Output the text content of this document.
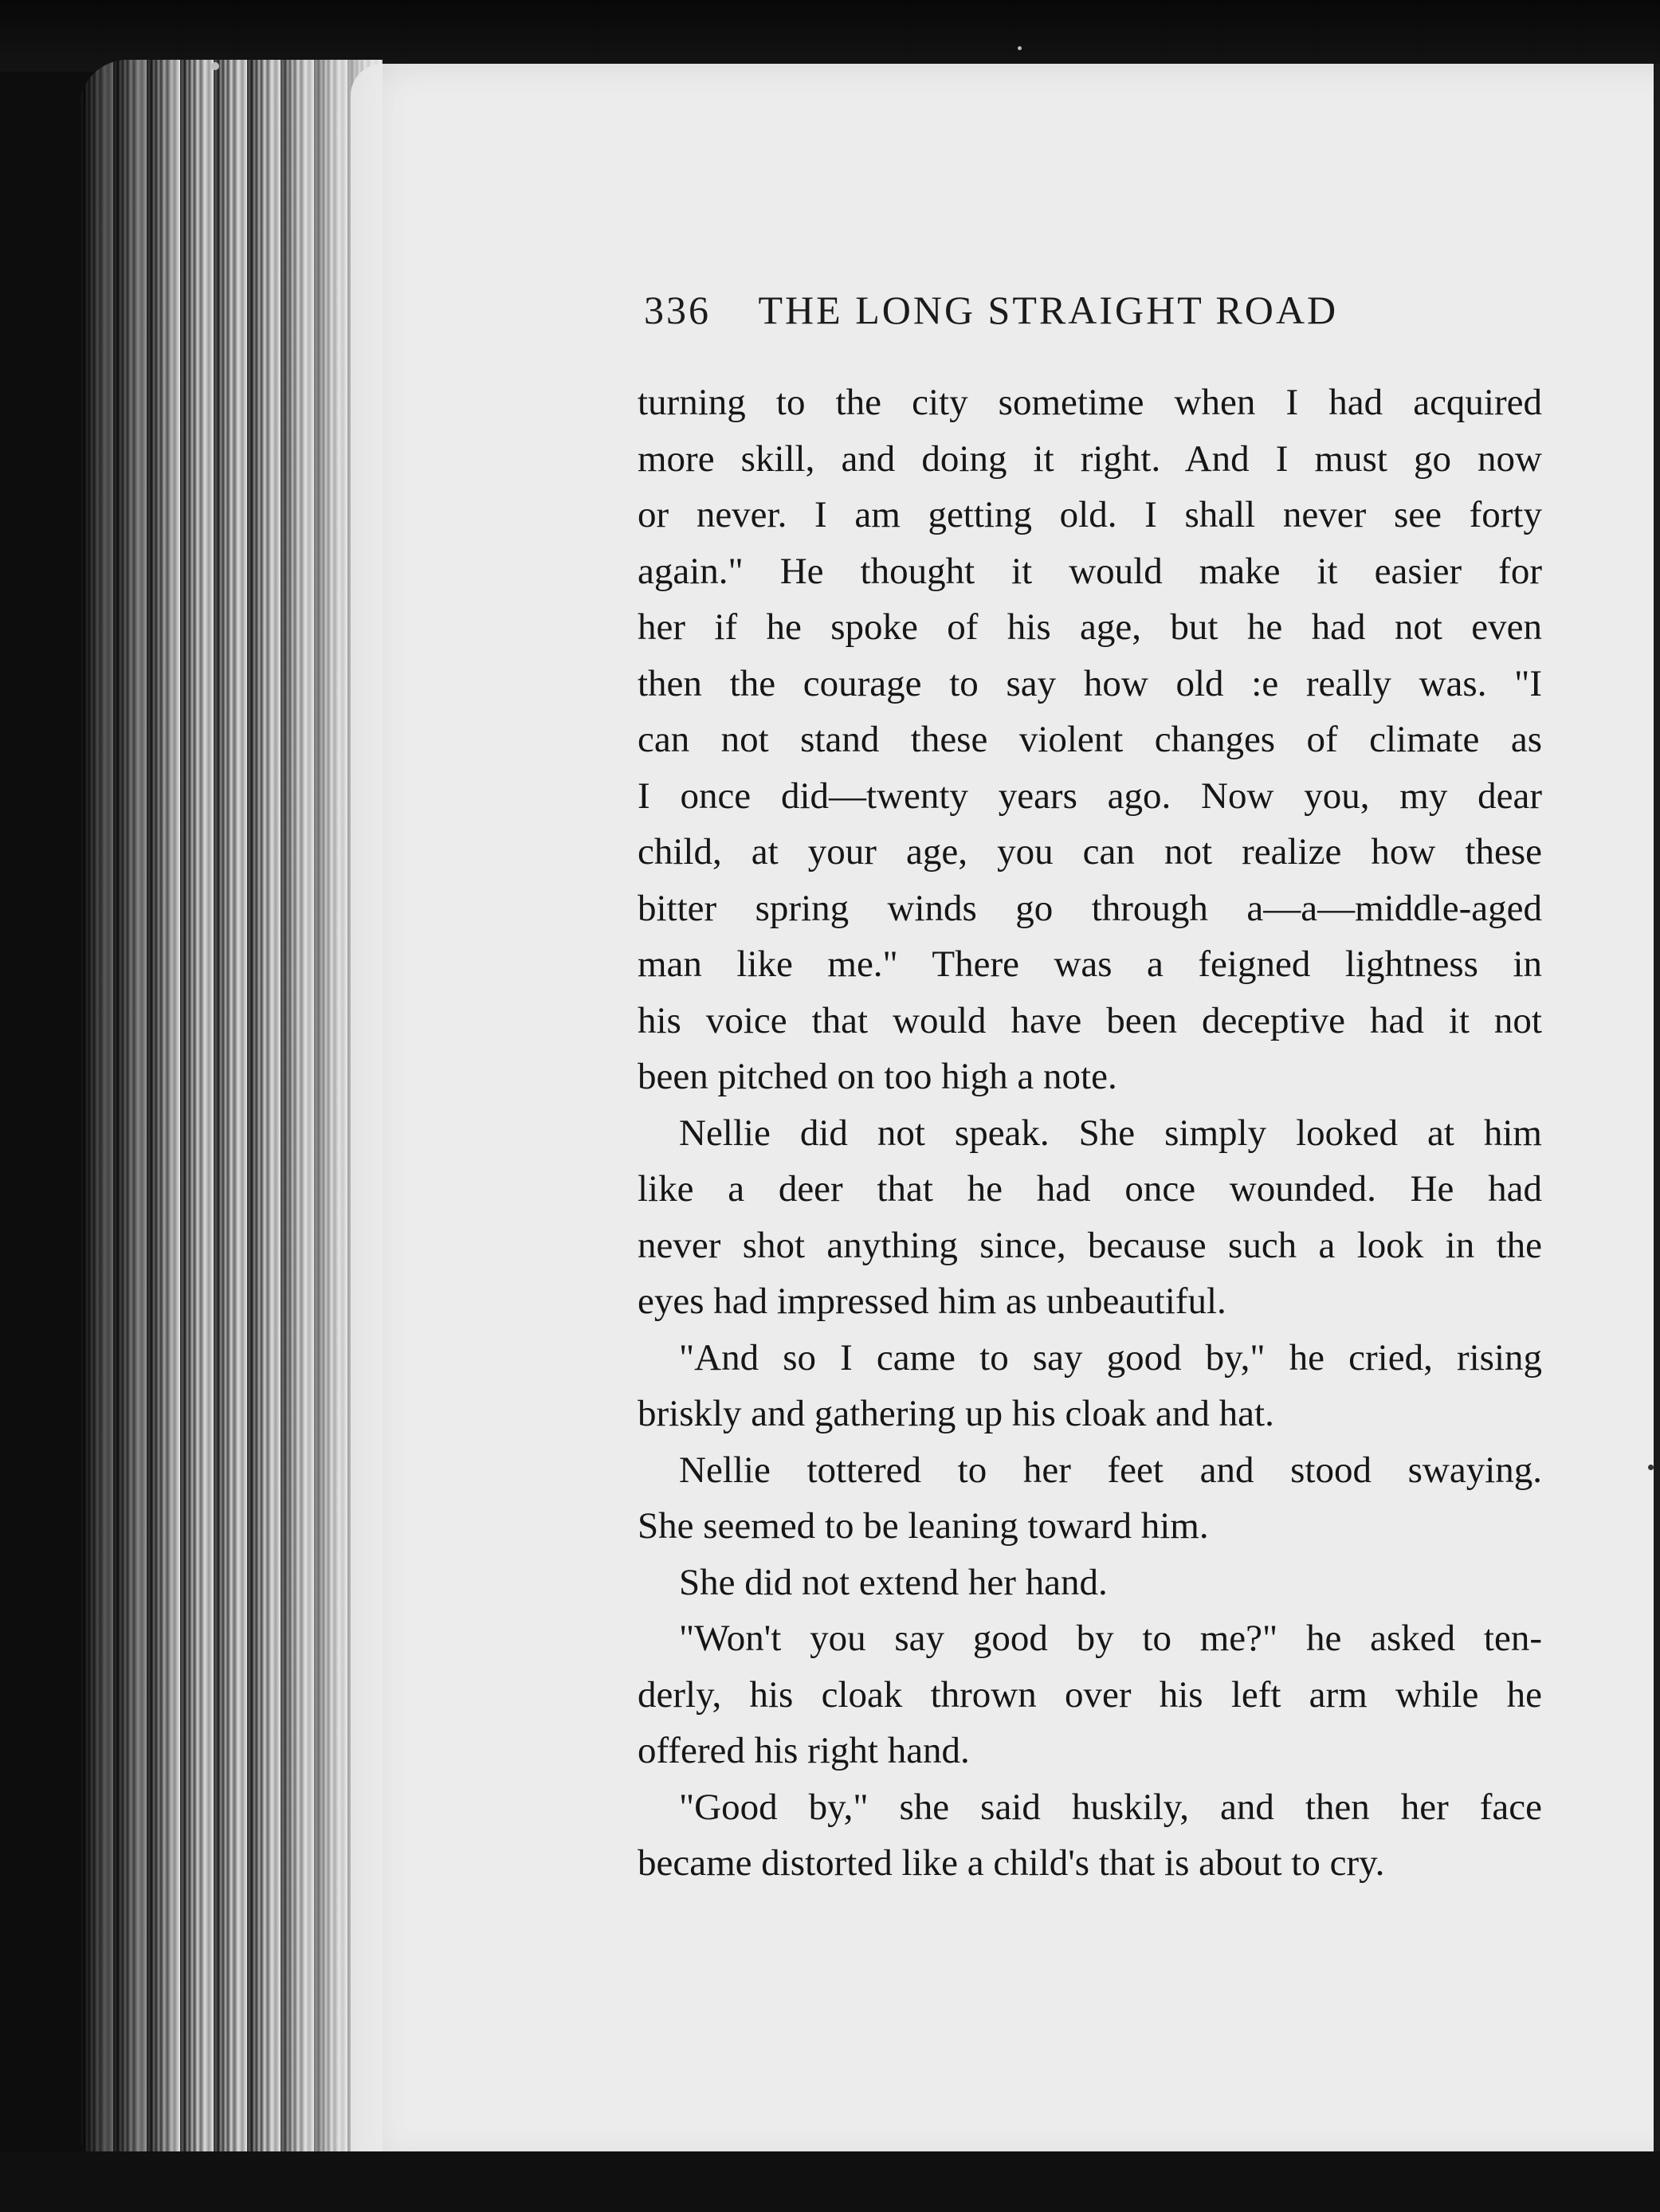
336 THE LONG STRAIGHT ROAD
turning to the city sometime when I had acquired
more skill, and doing it right. And I must go now
or never. I am getting old. I shall never see forty
again." He thought it would make it easier for
her if he spoke of his age, but he had not even
then the courage to say how old :e really was. "I
can not stand these violent changes of climate as
I once did—twenty years ago. Now you, my dear
child, at your age, you can not realize how these
bitter spring winds go through a—a—middle-aged
man like me." There was a feigned lightness in
his voice that would have been deceptive had it not
been pitched on too high a note.
Nellie did not speak. She simply looked at him
like a deer that he had once wounded. He had
never shot anything since, because such a look in the
eyes had impressed him as unbeautiful.
"And so I came to say good by," he cried, rising
briskly and gathering up his cloak and hat.
Nellie tottered to her feet and stood swaying.
She seemed to be leaning toward him.
She did not extend her hand.
"Won't you say good by to me?" he asked ten-
derly, his cloak thrown over his left arm while he
offered his right hand.
"Good by," she said huskily, and then her face
became distorted like a child's that is about to cry.
